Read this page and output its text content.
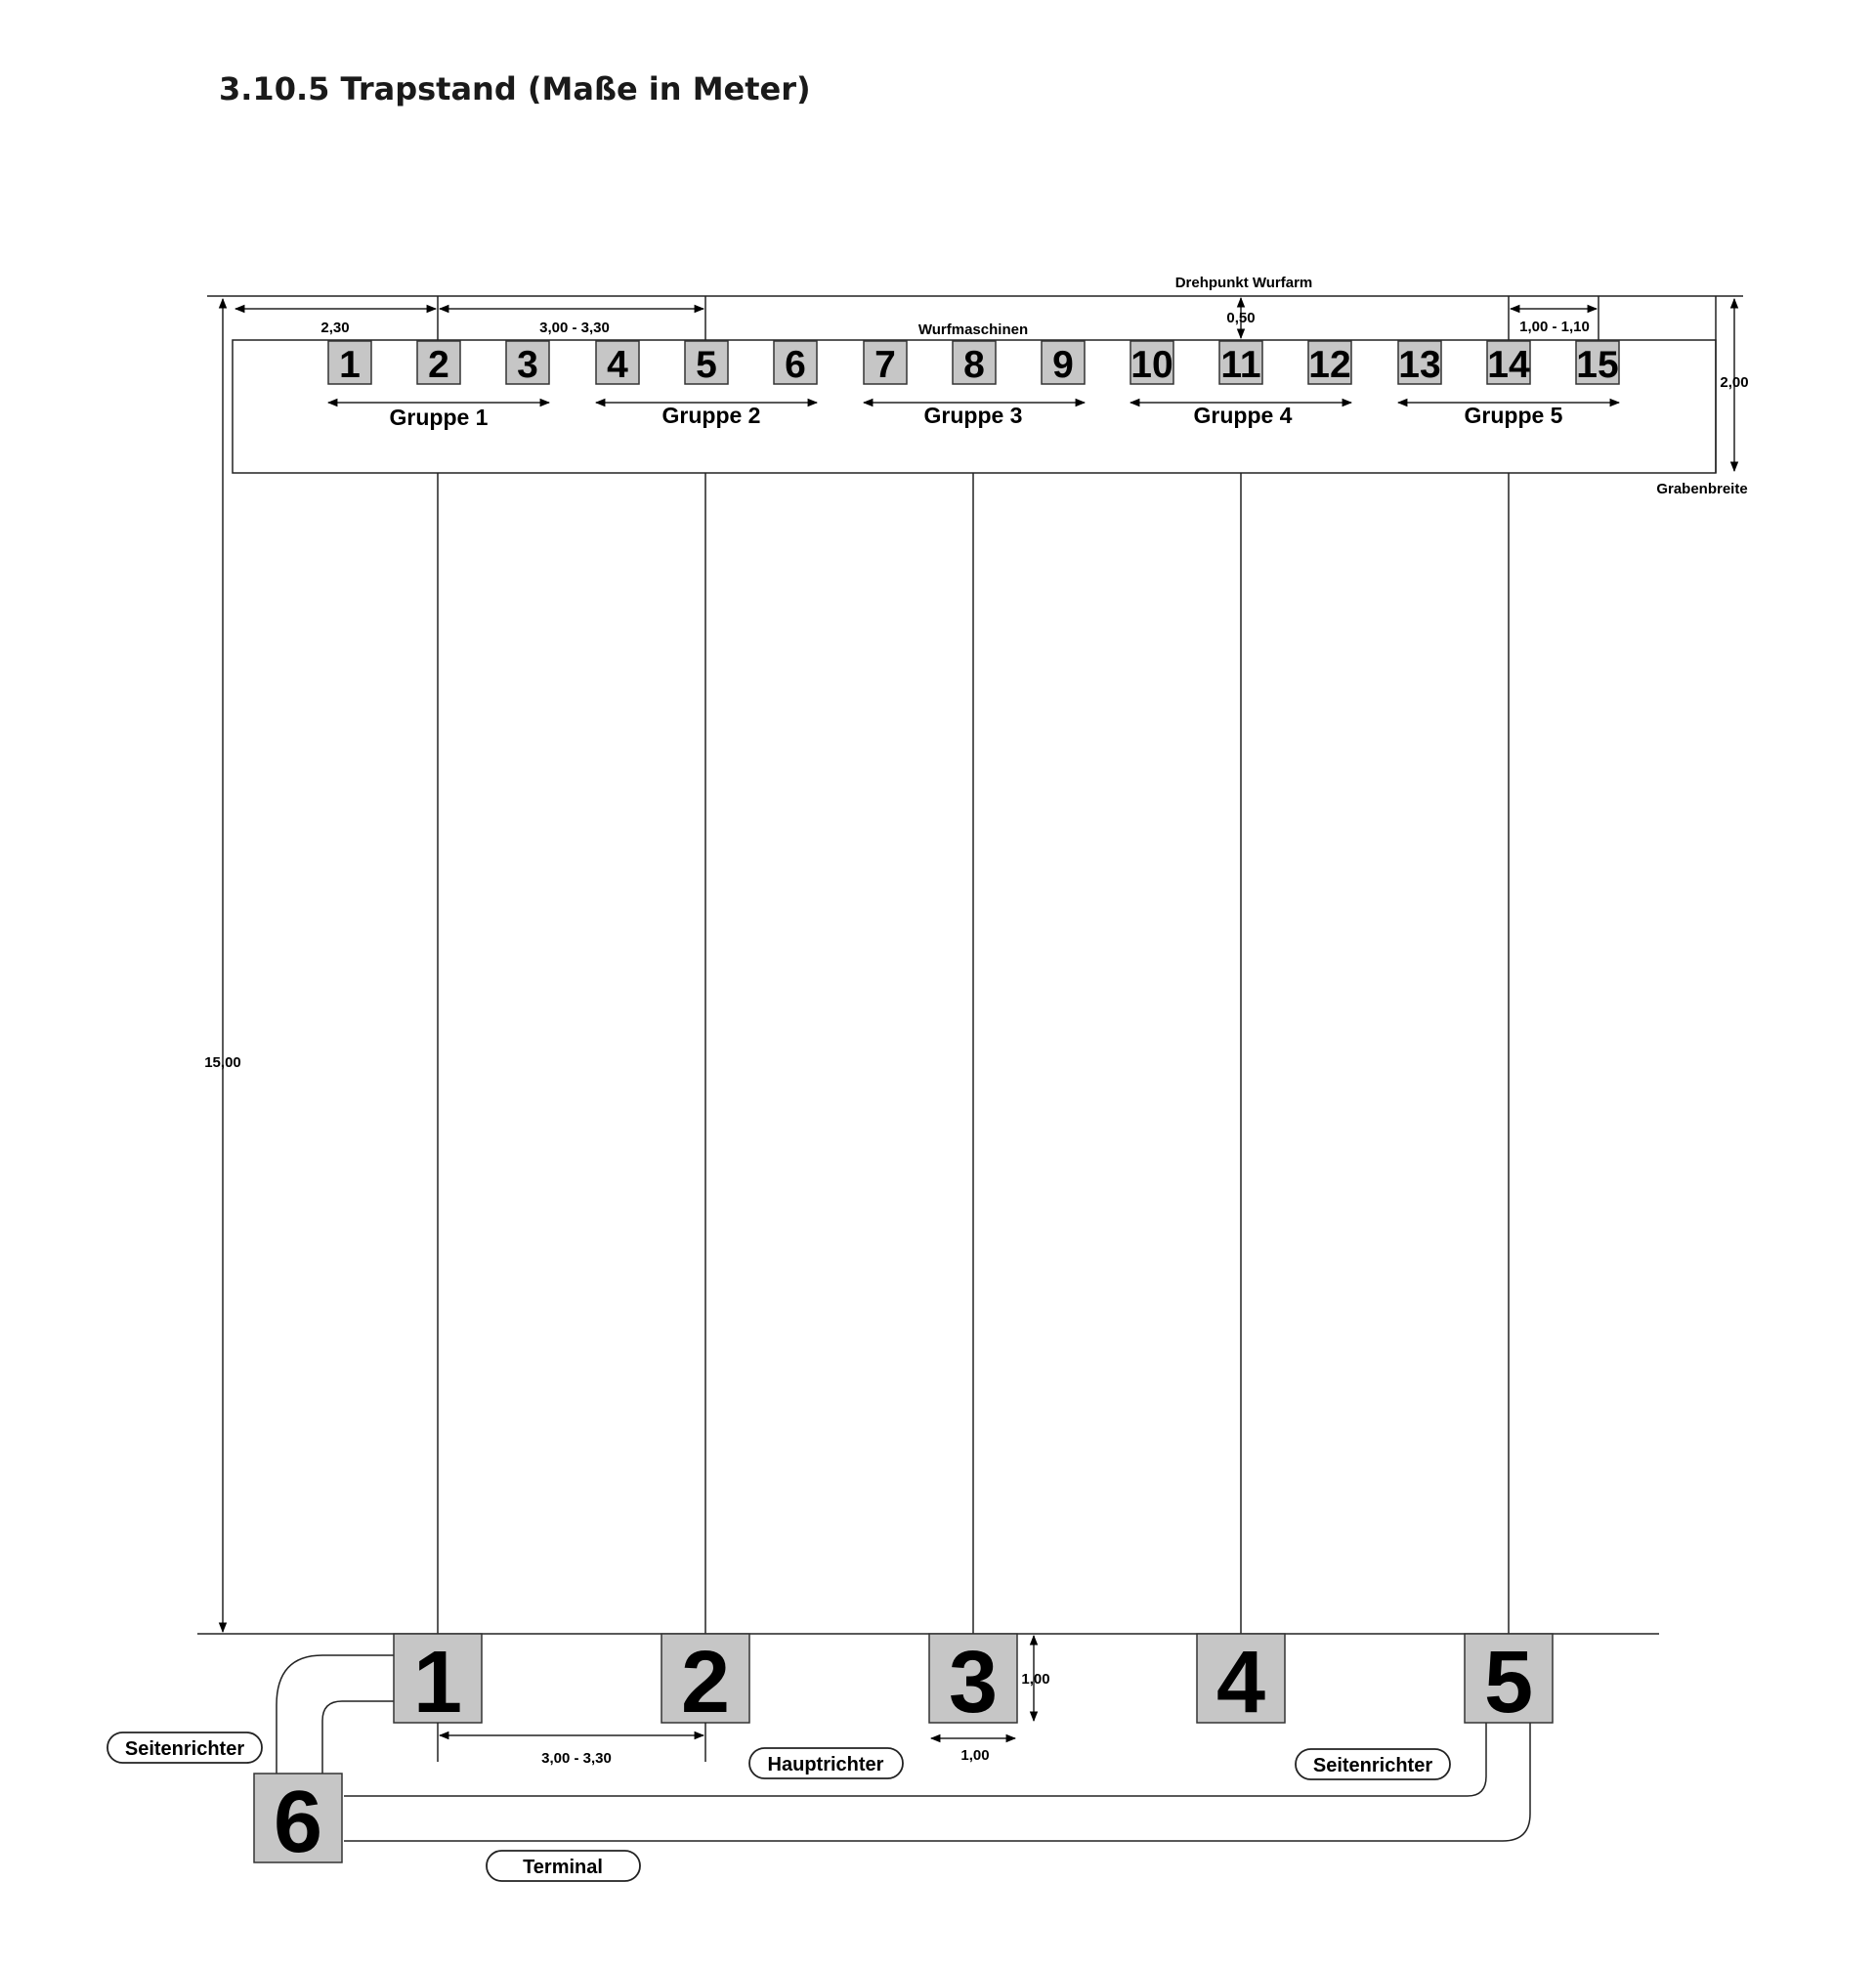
3.10.5 Trapstand (Maße in Meter)
Drehpunkt Wurfarm
Wurfmaschinen
Grabenbreite
2,30	3,00 - 3,30
0,50
1,00 - 1,10
2,00
15,00
1 2 3 4 5 6 7 8 9 10 11 12 13 14 15
Gruppe 1	Gruppe 2	Gruppe 3	Gruppe 4	Gruppe 5
1 2 3 4 5
6
3,00 - 3,30	1,00
1,00
Seitenrichter
Hauptrichter	Seitenrichter
Terminal
